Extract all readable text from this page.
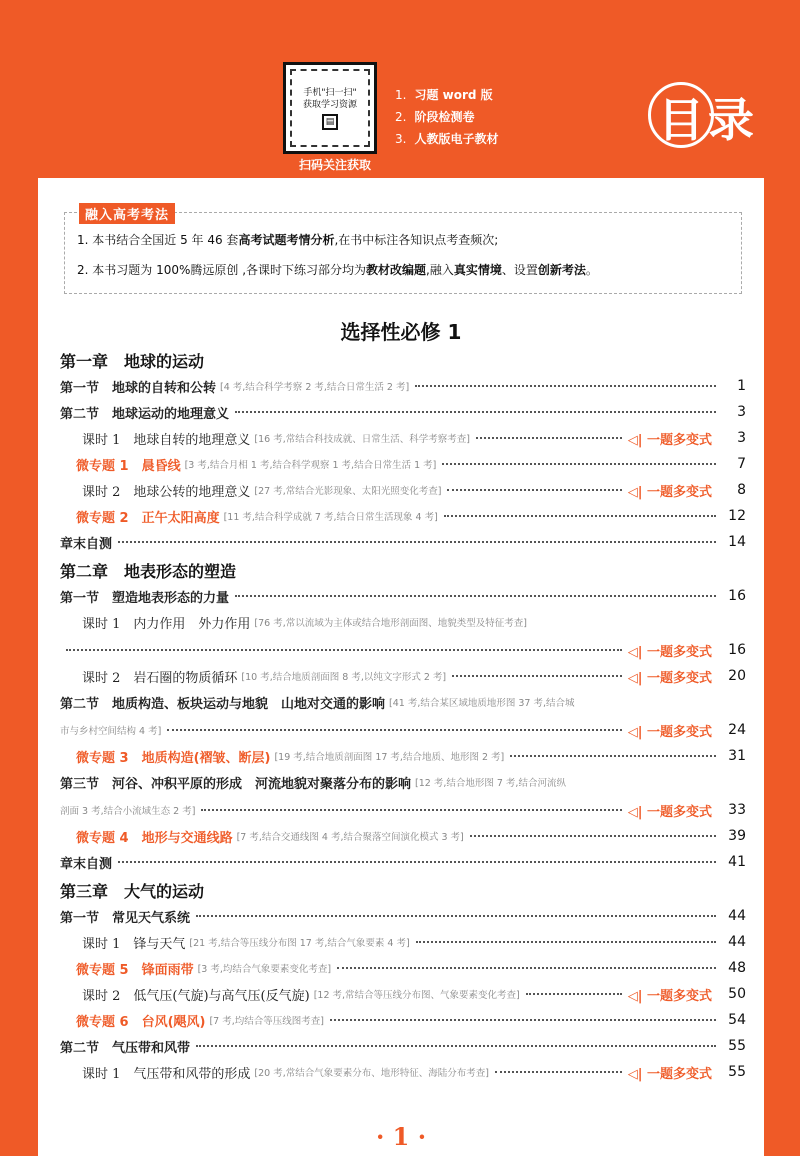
手机"扫一扫"
获取学习资源
▤
扫码关注获取
1. 习题 word 版
2. 阶段检测卷
3. 人教版电子教材	目录
融入高考考法
1. 本书结合全国近 5 年 46 套高考试题考情分析,在书中标注各知识点考查频次;
2. 本书习题为 100%腾远原创 ,各课时下练习部分均为教材改编题,融入真实情境、设置创新考法。
选择性必修 1
第一章　地球的运动
第一节　地球的自转和公转 [4 考,结合科学考察 2 考,结合日常生活 2 考]	1
第二节　地球运动的地理意义	3
课时 1　地球自转的地理意义 [16 考,常结合科技成就、日常生活、科学考察考查]	◁| 一题多变式	3
微专题 1　晨昏线 [3 考,结合月相 1 考,结合科学观察 1 考,结合日常生活 1 考]	7
课时 2　地球公转的地理意义 [27 考,常结合光影现象、太阳光照变化考查]	◁| 一题多变式	8
微专题 2　正午太阳高度 [11 考,结合科学成就 7 考,结合日常生活现象 4 考]	12
章末自测	14
第二章　地表形态的塑造
第一节　塑造地表形态的力量	16
课时 1　内力作用　外力作用 [76 考,常以流域为主体或结合地形剖面图、地貌类型及特征考查]
◁| 一题多变式	16
课时 2　岩石圈的物质循环 [10 考,结合地质剖面图 8 考,以纯文字形式 2 考]	◁| 一题多变式	20
第二节　地质构造、板块运动与地貌　山地对交通的影响 [41 考,结合某区域地质地形图 37 考,结合城
市与乡村空间结构 4 考]	◁| 一题多变式	24
微专题 3　地质构造(褶皱、断层) [19 考,结合地质剖面图 17 考,结合地质、地形图 2 考]	31
第三节　河谷、冲积平原的形成　河流地貌对聚落分布的影响 [12 考,结合地形图 7 考,结合河流纵
剖面 3 考,结合小流域生态 2 考]	◁| 一题多变式	33
微专题 4　地形与交通线路 [7 考,结合交通线图 4 考,结合聚落空间演化模式 3 考]	39
章末自测	41
第三章　大气的运动
第一节　常见天气系统	44
课时 1　锋与天气 [21 考,结合等压线分布图 17 考,结合气象要素 4 考]	44
微专题 5　锋面雨带 [3 考,均结合气象要素变化考查]	48
课时 2　低气压(气旋)与高气压(反气旋) [12 考,常结合等压线分布图、气象要素变化考查]	◁| 一题多变式	50
微专题 6　台风(飓风) [7 考,均结合等压线图考查]	54
第二节　气压带和风带	55
课时 1　气压带和风带的形成 [20 考,常结合气象要素分布、地形特征、海陆分布考查]	◁| 一题多变式	55
· 1 ·
